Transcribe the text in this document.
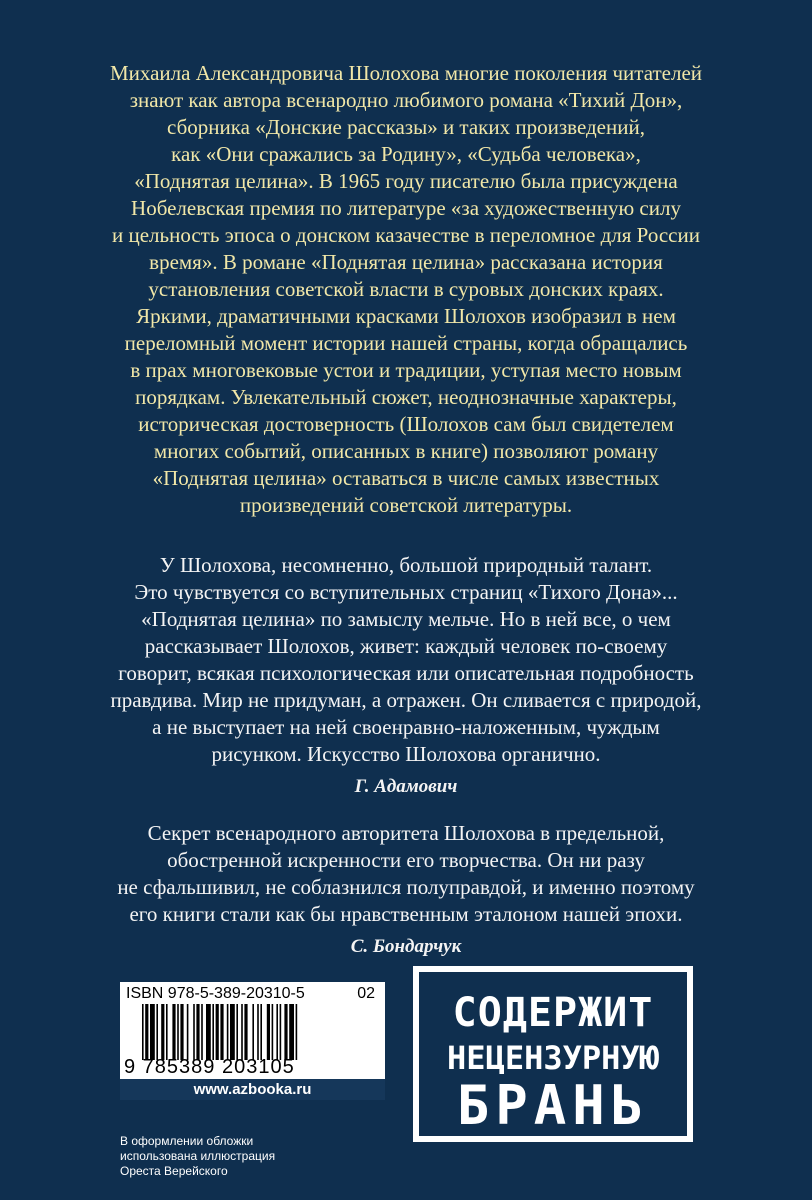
Михаила Александровича Шолохова многие поколения читателей
знают как автора всенародно любимого романа «Тихий Дон»,
сборника «Донские рассказы» и таких произведений,
как «Они сражались за Родину», «Судьба человека»,
«Поднятая целина». В 1965 году писателю была присуждена
Нобелевская премия по литературе «за художественную силу
и цельность эпоса о донском казачестве в переломное для России
время». В романе «Поднятая целина» рассказана история
установления советской власти в суровых донских краях.
Яркими, драматичными красками Шолохов изобразил в нем
переломный момент истории нашей страны, когда обращались
в прах многовековые устои и традиции, уступая место новым
порядкам. Увлекательный сюжет, неоднозначные характеры,
историческая достоверность (Шолохов сам был свидетелем
многих событий, описанных в книге) позволяют роману
«Поднятая целина» оставаться в числе самых известных
произведений советской литературы.
У Шолохова, несомненно, большой природный талант.
Это чувствуется со вступительных страниц «Тихого Дона»...
«Поднятая целина» по замыслу мельче. Но в ней все, о чем
рассказывает Шолохов, живет: каждый человек по-своему
говорит, всякая психологическая или описательная подробность
правдива. Мир не придуман, а отражен. Он сливается с природой,
а не выступает на ней своенравно-наложенным, чуждым
рисунком. Искусство Шолохова органично.
Г. Адамович
Секрет всенародного авторитета Шолохова в предельной,
обостренной искренности его творчества. Он ни разу
не сфальшивил, не соблазнился полуправдой, и именно поэтому
его книги стали как бы нравственным эталоном нашей эпохи.
С. Бондарчук
ISBN 978-5-389-20310-5	02
9 785389 203105
www.azbooka.ru
В оформлении обложки
использована иллюстрация
Ореста Верейского
СОДЕРЖИТ
НЕЦЕНЗУРНУЮ
БРАНЬ
